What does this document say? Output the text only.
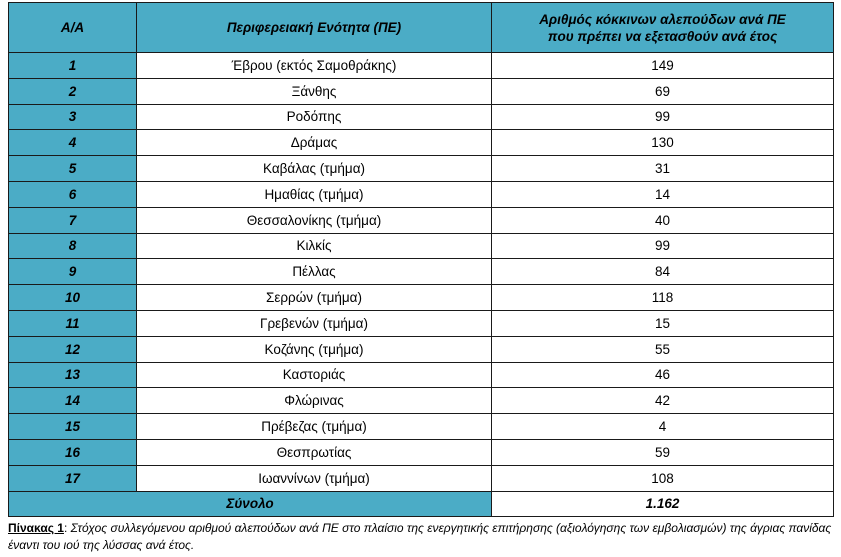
Α/Α	Περιφερειακή Ενότητα (ΠΕ)	Αριθμός κόκκινων αλεπούδων ανά ΠΕ
που πρέπει να εξετασθούν ανά έτος

1	Έβρου (εκτός Σαμοθράκης)	149
2	Ξάνθης	69
3	Ροδόπης	99
4	Δράμας	130
5	Καβάλας (τμήμα)	31
6	Ημαθίας (τμήμα)	14
7	Θεσσαλονίκης (τμήμα)	40
8	Κιλκίς	99
9	Πέλλας	84
10	Σερρών (τμήμα)	118
11	Γρεβενών (τμήμα)	15
12	Κοζάνης (τμήμα)	55
13	Καστοριάς	46
14	Φλώρινας	42
15	Πρέβεζας (τμήμα)	4
16	Θεσπρωτίας	59
17	Ιωαννίνων (τμήμα)	108
Σύνολο		1.162
Πίνακας 1: Στόχος συλλεγόμενου αριθμού αλεπούδων ανά ΠΕ στο πλαίσιο της ενεργητικής επιτήρησης (αξιολόγησης των εμβολιασμών) της άγριας πανίδας έναντι του ιού της λύσσας ανά έτος.
